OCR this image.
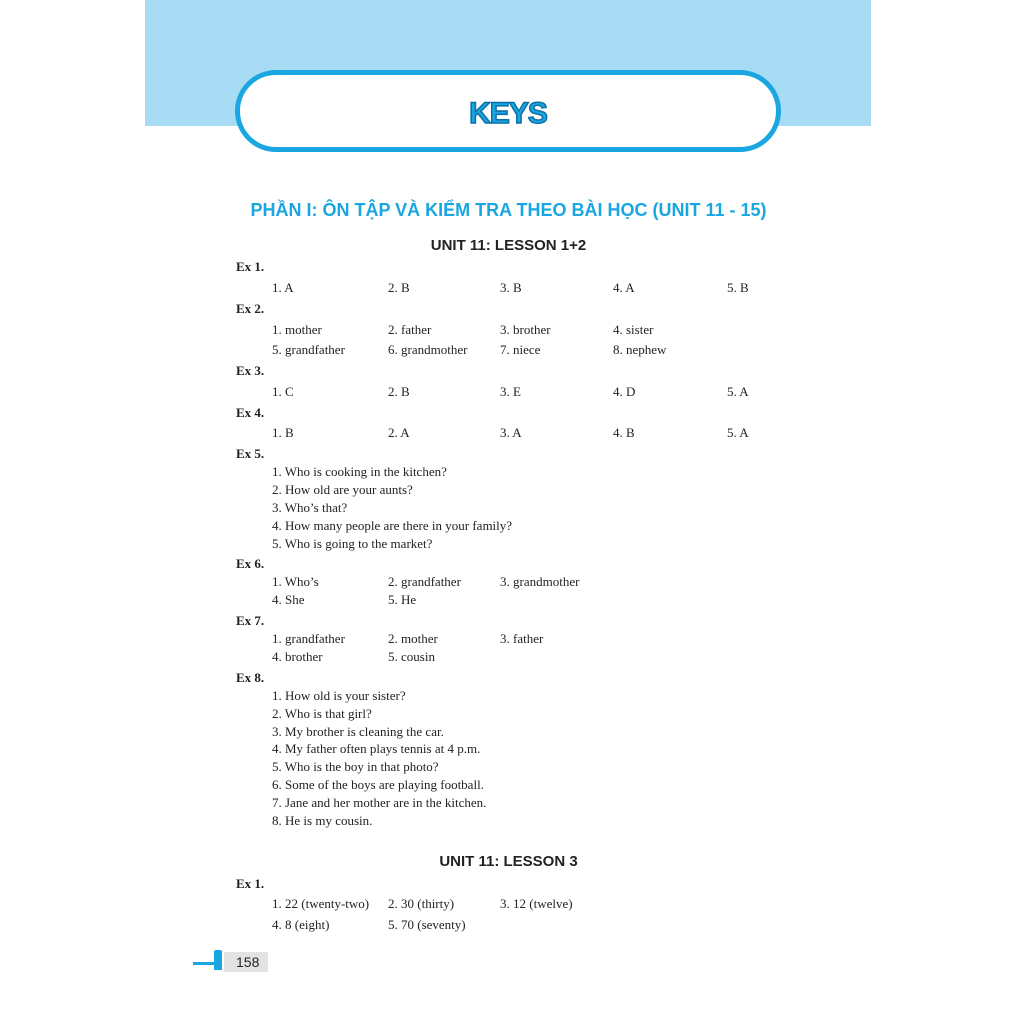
KEYS
PHẦN I: ÔN TẬP VÀ KIỂM TRA THEO BÀI HỌC (UNIT 11 - 15)
UNIT 11: LESSON 1+2
Ex 1.
1. A	2. B	3. B	4. A	5. B
Ex 2.
1. mother	2. father	3. brother	4. sister
5. grandfather	6. grandmother	7. niece	8. nephew
Ex 3.
1. C	2. B	3. E	4. D	5. A
Ex 4.
1. B	2. A	3. A	4. B	5. A
Ex 5.
1. Who is cooking in the kitchen?
2. How old are your aunts?
3. Who’s that?
4. How many people are there in your family?
5. Who is going to the market?
Ex 6.
1. Who’s	2. grandfather	3. grandmother
4. She	5. He
Ex 7.
1. grandfather	2. mother	3. father
4. brother	5. cousin
Ex 8.
1. How old is your sister?
2. Who is that girl?
3. My brother is cleaning the car.
4. My father often plays tennis at 4 p.m.
5. Who is the boy in that photo?
6. Some of the boys are playing football.
7. Jane and her mother are in the kitchen.
8. He is my cousin.
UNIT 11: LESSON 3
Ex 1.
1. 22 (twenty-two) 2. 30 (thirty)	3. 12 (twelve)
4. 8 (eight)	5. 70 (seventy)
158
